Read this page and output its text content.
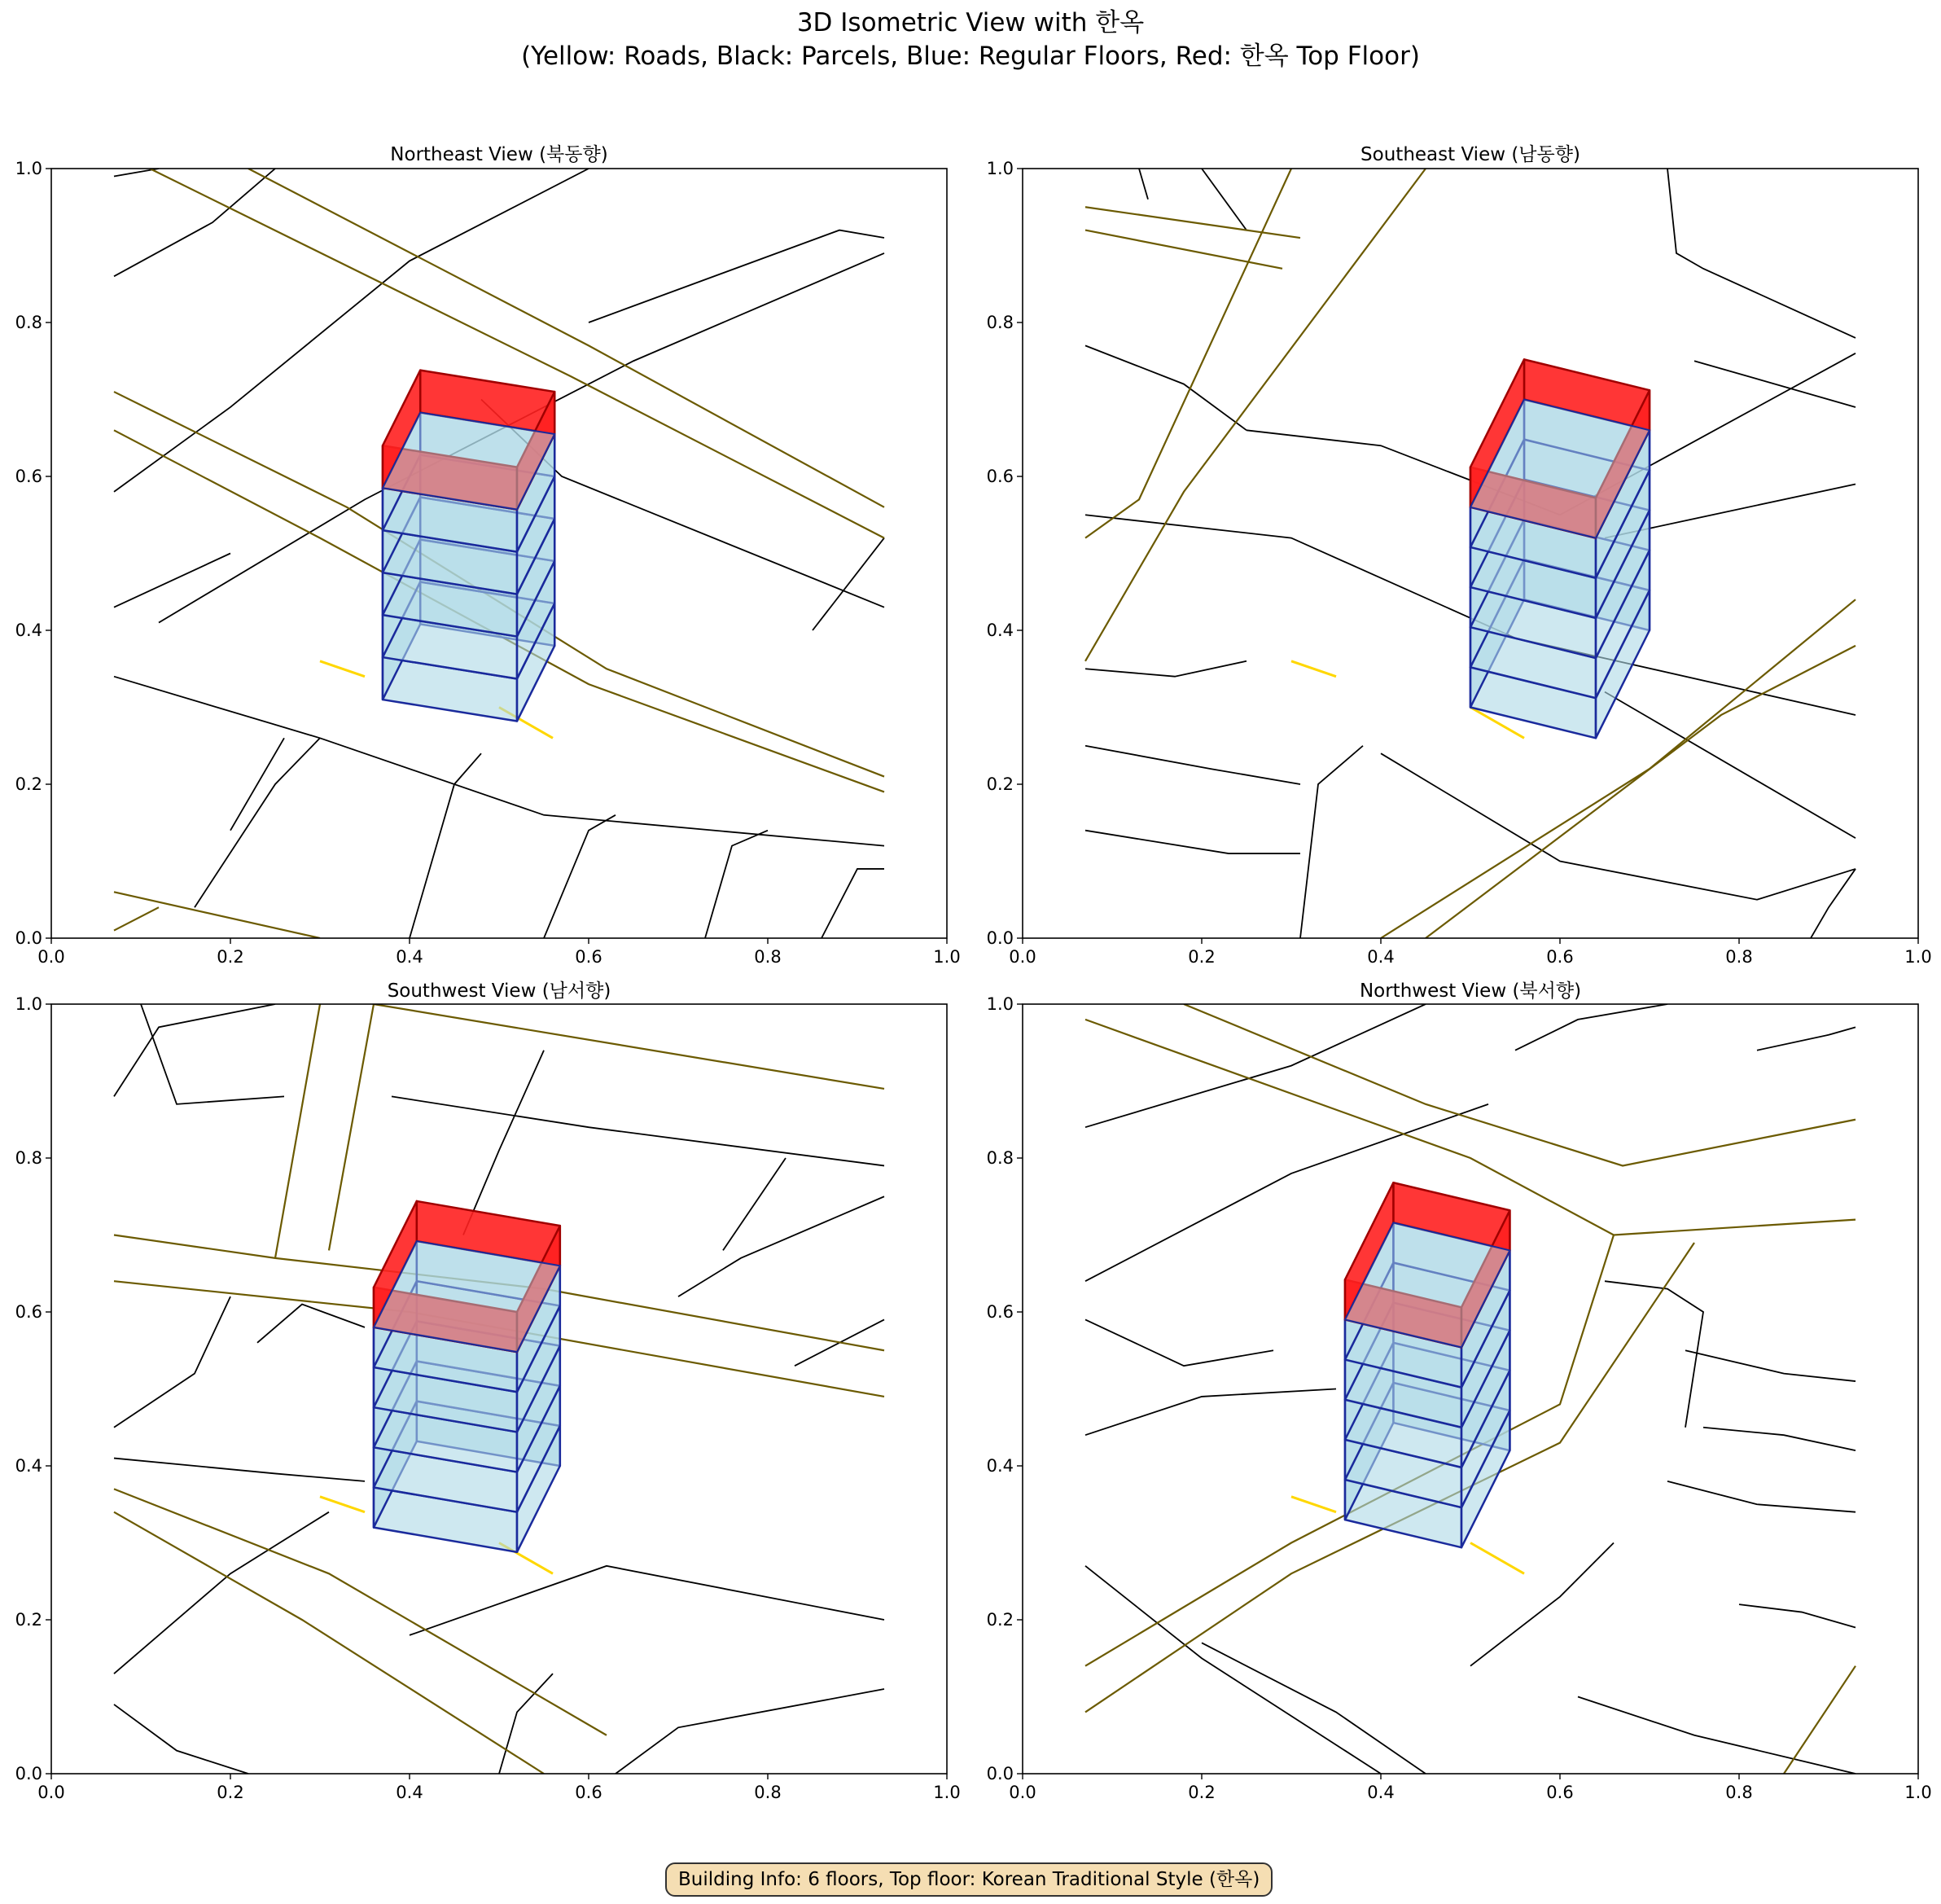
3D Isometric View with 한옥
(Yellow: Roads, Black: Parcels, Blue: Regular Floors, Red: 한옥 Top Floor)
Northeast View (북동향)	Southeast View (남동향)
Southwest View (남서향)	Northwest View (북서향)
0.0
0.0
0.2
0.2
0.4
0.4
0.6
0.6
0.8
0.8
1.0
1.0
0.0
0.0
0.2
0.2
0.4
0.4
0.6
0.6
0.8
0.8
1.0
1.0
0.0
0.0
0.2
0.2
0.4
0.4
0.6
0.6
0.8
0.8
1.0
1.0
0.0
0.0
0.2
0.2
0.4
0.4
0.6
0.6
0.8
0.8
1.0
1.0
Building Info: 6 floors, Top floor: Korean Traditional Style (한옥)
